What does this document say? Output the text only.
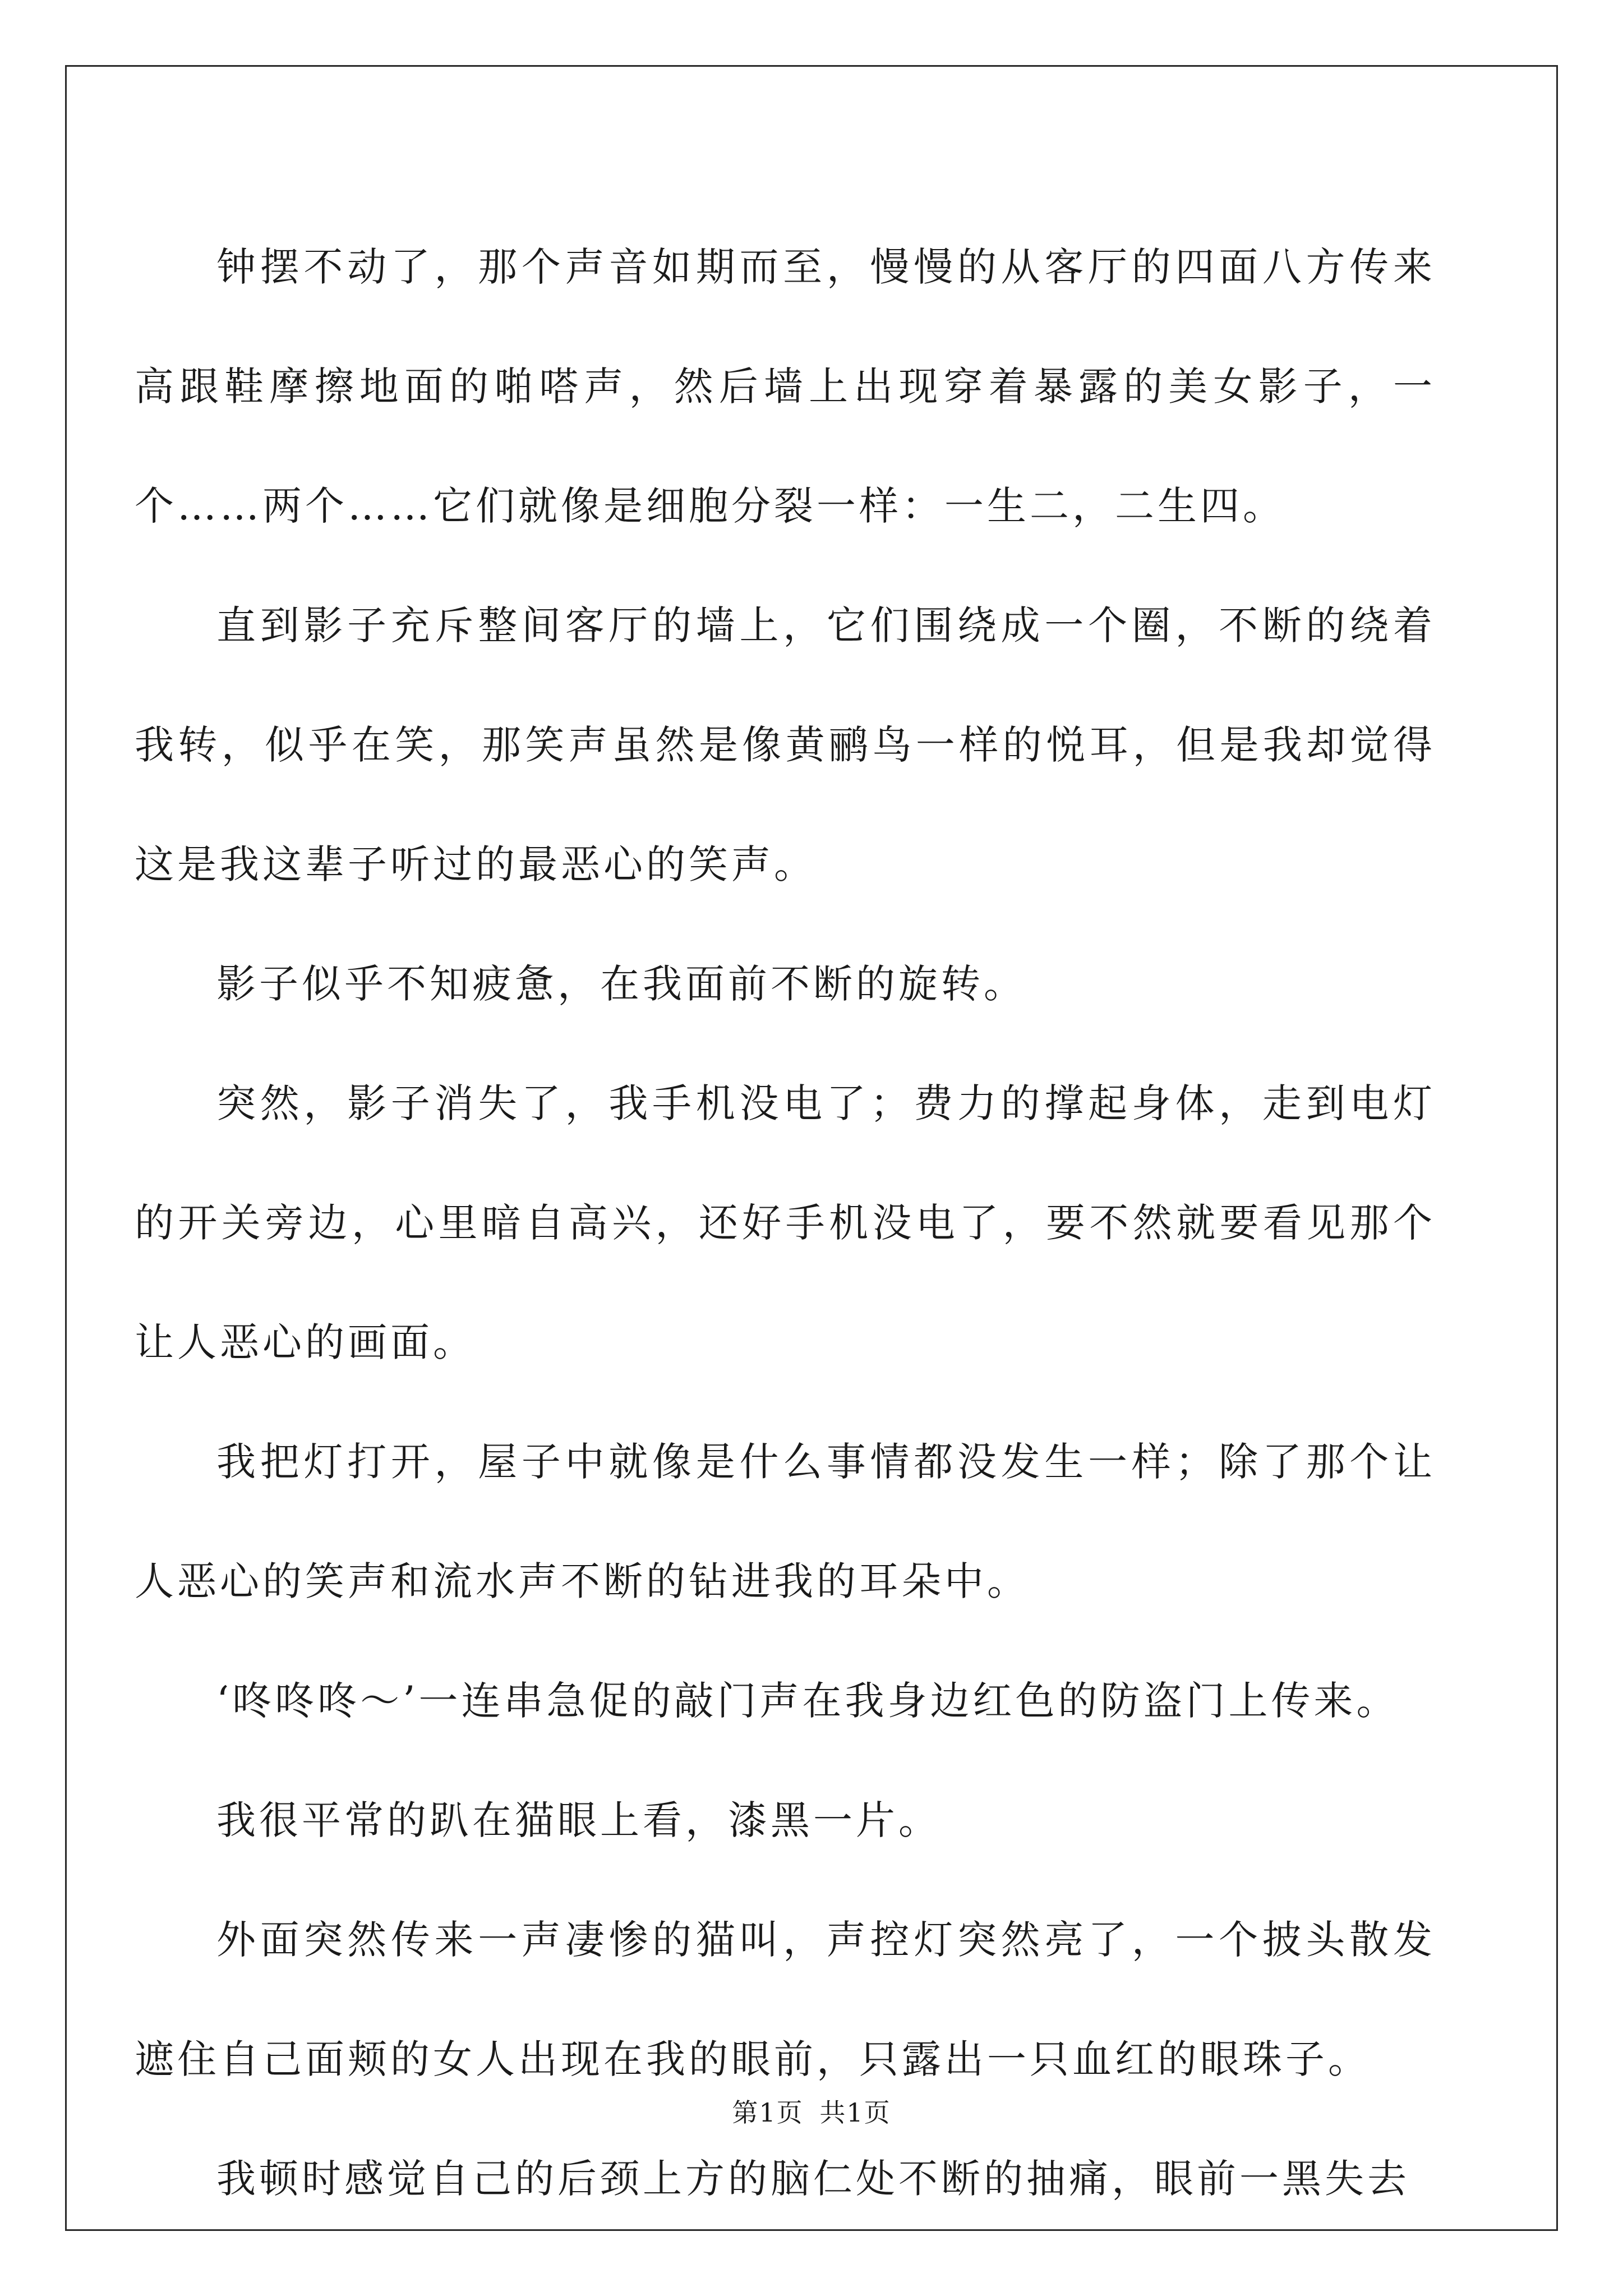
钟摆不动了，那个声音如期而至，慢慢的从客厅的四面八方传来高跟鞋摩擦地面的啪嗒声，然后墙上出现穿着暴露的美女影子，一个……两个……它们就像是细胞分裂一样：一生二，二生四。

直到影子充斥整间客厅的墙上，它们围绕成一个圈，不断的绕着我转，似乎在笑，那笑声虽然是像黄鹂鸟一样的悦耳，但是我却觉得这是我这辈子听过的最恶心的笑声。

影子似乎不知疲惫，在我面前不断的旋转。

突然，影子消失了，我手机没电了；费力的撑起身体，走到电灯的开关旁边，心里暗自高兴，还好手机没电了，要不然就要看见那个让人恶心的画面。

我把灯打开，屋子中就像是什么事情都没发生一样；除了那个让人恶心的笑声和流水声不断的钻进我的耳朵中。

‘咚咚咚～’一连串急促的敲门声在我身边红色的防盗门上传来。

我很平常的趴在猫眼上看，漆黑一片。

外面突然传来一声凄惨的猫叫，声控灯突然亮了，一个披头散发遮住自己面颊的女人出现在我的眼前，只露出一只血红的眼珠子。

我顿时感觉自己的后颈上方的脑仁处不断的抽痛，眼前一黑失去

第1页 共1页
